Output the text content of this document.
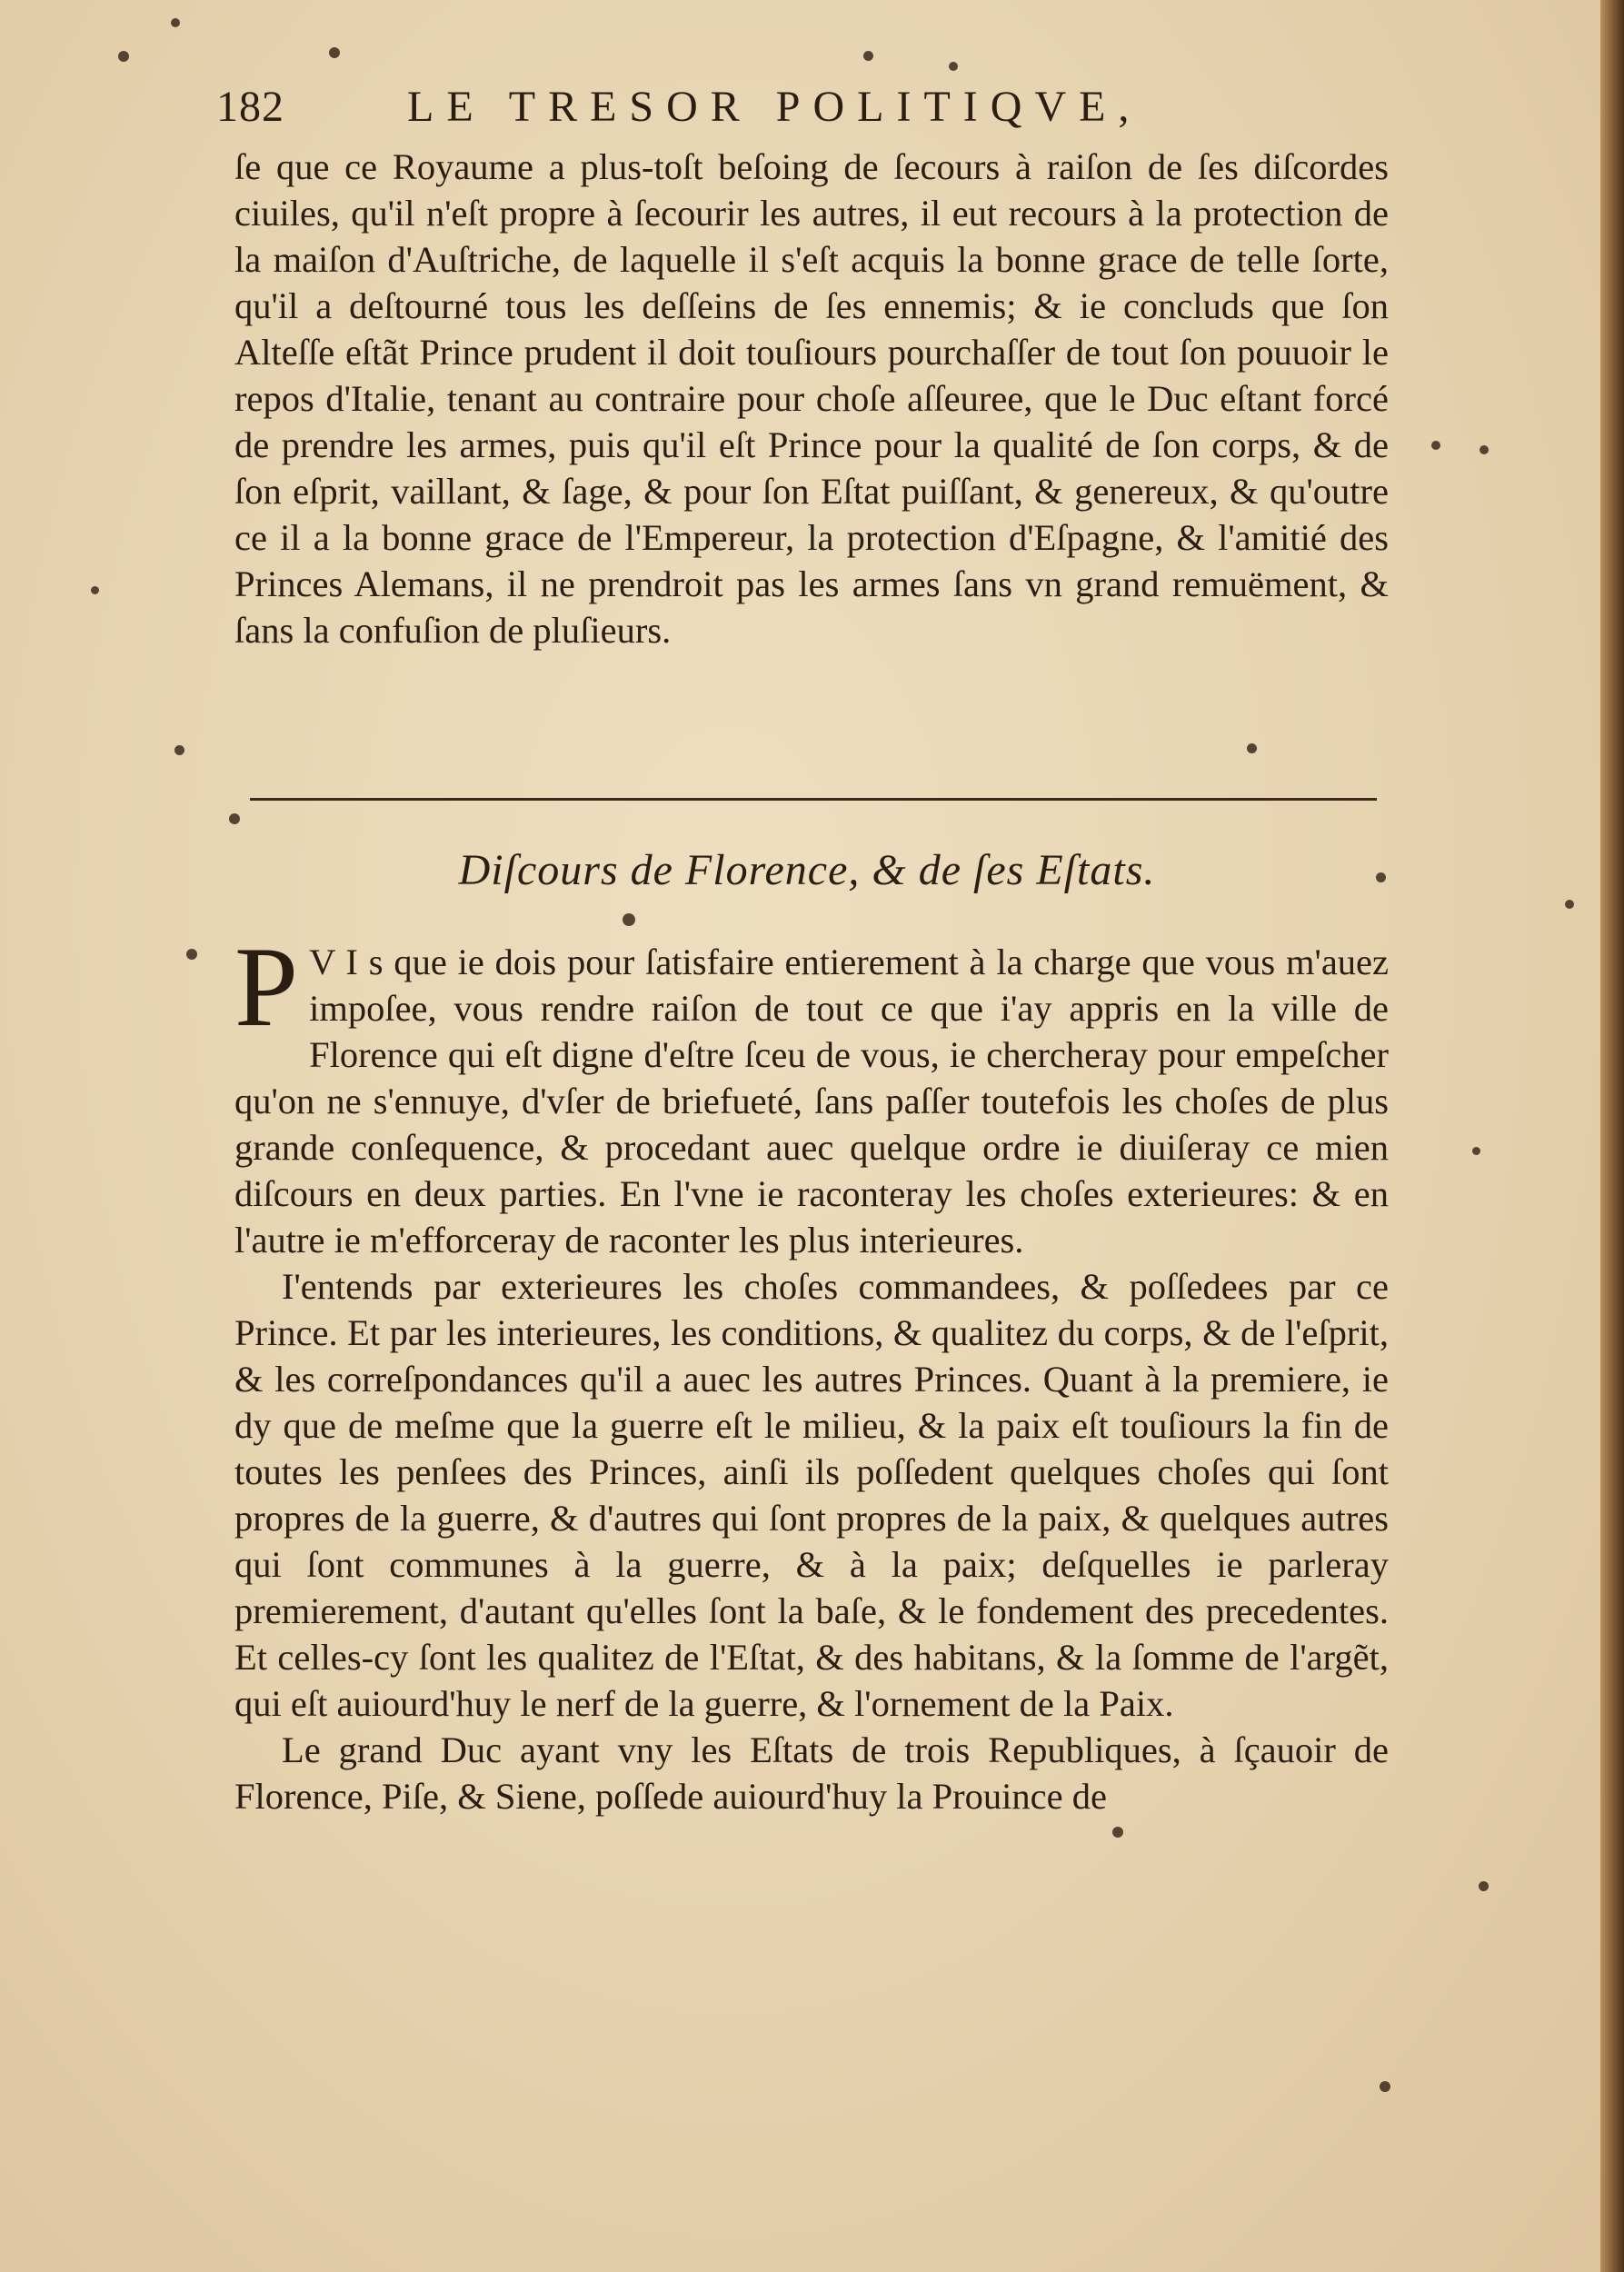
182	LE TRESOR POLITIQVE,

ſe que ce Royaume a plus-toſt beſoing de ſecours à raiſon de ſes diſcordes ciuiles, qu'il n'eſt propre à ſecourir les autres, il eut recours à la protection de la maiſon d'Auſtriche, de laquelle il s'eſt acquis la bonne grace de telle ſorte, qu'il a deſtourné tous les deſſeins de ſes ennemis; & ie concluds que ſon Alteſſe eſtãt Prince prudent il doit touſiours pourchaſſer de tout ſon pouuoir le repos d'Italie, tenant au contraire pour choſe aſſeuree, que le Duc eſtant forcé de prendre les armes, puis qu'il eſt Prince pour la qualité de ſon corps, & de ſon eſprit, vaillant, & ſage, & pour ſon Eſtat puiſſant, & genereux, & qu'outre ce il a la bonne grace de l'Empereur, la protection d'Eſpagne, & l'amitié des Princes Alemans, il ne prendroit pas les armes ſans vn grand remuëment, & ſans la confuſion de pluſieurs.

Diſcours de Florence, & de ſes Eſtats.

P V I s que ie dois pour ſatisfaire entierement à la charge que vous m'auez impoſee, vous rendre raiſon de tout ce que i'ay appris en la ville de Florence qui eſt digne d'eſtre ſceu de vous, ie chercheray pour empeſcher qu'on ne s'ennuye, d'vſer de briefueté, ſans paſſer toutefois les choſes de plus grande conſequence, & procedant auec quelque ordre ie diuiſeray ce mien diſcours en deux parties. En l'vne ie raconteray les choſes exterieures: & en l'autre ie m'efforceray de raconter les plus interieures.

I'entends par exterieures les choſes commandees, & poſſedees par ce Prince. Et par les interieures, les conditions, & qualitez du corps, & de l'eſprit, & les correſpondances qu'il a auec les autres Princes. Quant à la premiere, ie dy que de meſme que la guerre eſt le milieu, & la paix eſt touſiours la fin de toutes les penſees des Princes, ainſi ils poſſedent quelques choſes qui ſont propres de la guerre, & d'autres qui ſont propres de la paix, & quelques autres qui ſont communes à la guerre, & à la paix; deſquelles ie parleray premierement, d'autant qu'elles ſont la baſe, & le fondement des precedentes. Et celles-cy ſont les qualitez de l'Eſtat, & des habitans, & la ſomme de l'argẽt, qui eſt auiourd'huy le nerf de la guerre, & l'ornement de la Paix.

Le grand Duc ayant vny les Eſtats de trois Republiques, à ſçauoir de Florence, Piſe, & Siene, poſſede auiourd'huy la Prouince de
